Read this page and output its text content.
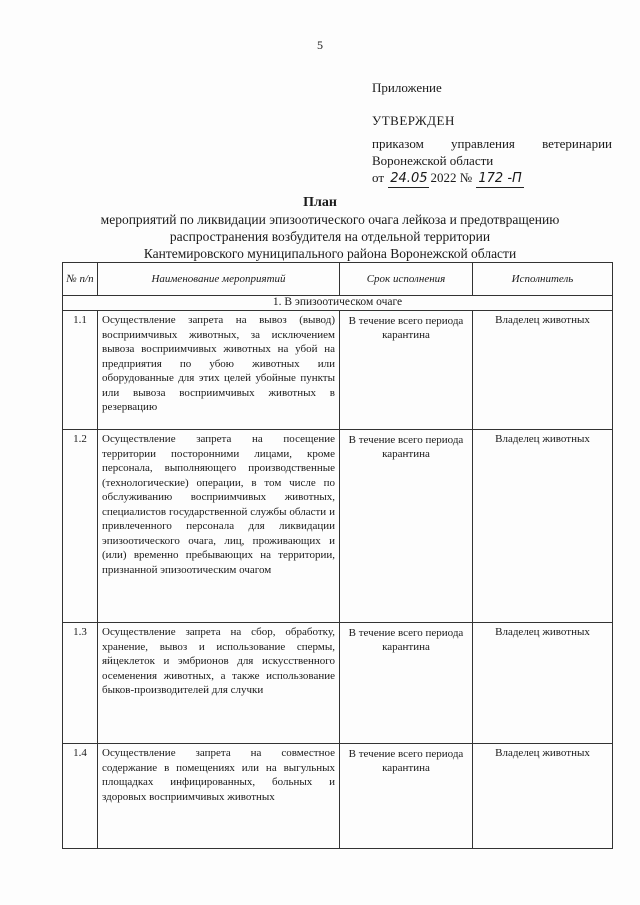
5
Приложение
УТВЕРЖДЕН
приказом управления ветеринарии
Воронежской области
от
24.05 2022
№
172 -П
План
мероприятий по ликвидации эпизоотического очага лейкоза и предотвращению
распространения возбудителя на отдельной территории
Кантемировского муниципального района Воронежской области
№ п/п	Наименование мероприятий	Срок исполнения	Исполнитель
1. В эпизоотическом очаге			
1.1	Осуществление запрета на вывоз (вывод) восприимчивых животных, за исключением вывоза восприимчивых животных на убой на предприятия по убою животных или оборудованные для этих целей убойные пункты или вывоза восприимчивых животных в резервацию	В течение всего периода карантина	Владелец животных
1.2	Осуществление запрета на посещение территории посторонними лицами, кроме персонала, выполняющего производственные (технологические) операции, в том числе по обслуживанию восприимчивых животных, специалистов государственной службы области и привлеченного персонала для ликвидации эпизоотического очага, лиц, проживающих и (или) временно пребывающих на территории, признанной эпизоотическим очагом	В течение всего периода карантина	Владелец животных
1.3	Осуществление запрета на сбор, обработку, хранение, вывоз и использование спермы, яйцеклеток и эмбрионов для искусственного осеменения животных, а также использование быков-производителей для случки	В течение всего периода карантина	Владелец животных
1.4	Осуществление запрета на совместное содержание в помещениях или на выгульных площадках инфицированных, больных и здоровых восприимчивых животных	В течение всего периода карантина	Владелец животных
